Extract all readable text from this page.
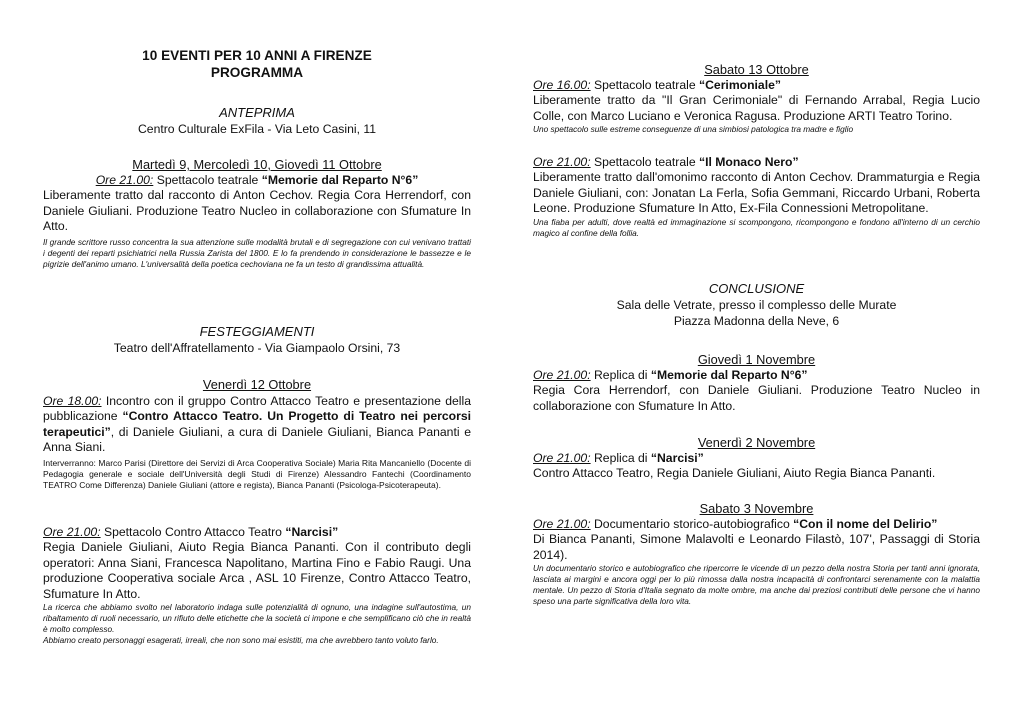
10 EVENTI PER 10 ANNI A FIRENZE

PROGRAMMA

ANTEPRIMA

Centro Culturale ExFila - Via Leto Casini, 11

Martedì 9, Mercoledì 10, Giovedì 11 Ottobre

Ore 21.00: Spettacolo teatrale “Memorie dal Reparto N°6”

Liberamente tratto dal racconto di Anton Cechov. Regia Cora Herrendorf, con Daniele Giuliani. Produzione Teatro Nucleo in collaborazione con Sfumature In Atto.

Il grande scrittore russo concentra la sua attenzione sulle modalità brutali e di segregazione con cui venivano trattati i degenti dei reparti psichiatrici nella Russia Zarista del 1800. E lo fa prendendo in considerazione le bassezze e le pigrizie dell'animo umano. L'universalità della poetica cechoviana ne fa un testo di grandissima attualità.

FESTEGGIAMENTI

Teatro dell'Affratellamento - Via Giampaolo Orsini, 73

Venerdì 12 Ottobre

Ore 18.00: Incontro con il gruppo Contro Attacco Teatro e presentazione della pubblicazione “Contro Attacco Teatro. Un Progetto di Teatro nei percorsi terapeutici”, di Daniele Giuliani, a cura di Daniele Giuliani, Bianca Pananti e Anna Siani.

Interverranno: Marco Parisi (Direttore dei Servizi di Arca Cooperativa Sociale) Maria Rita Mancaniello (Docente di Pedagogia generale e sociale dell'Università degli Studi di Firenze) Alessandro Fantechi (Coordinamento TEATRO Come Differenza) Daniele Giuliani (attore e regista), Bianca Pananti (Psicologa-Psicoterapeuta).

Ore 21.00: Spettacolo Contro Attacco Teatro “Narcisi”

Regia Daniele Giuliani, Aiuto Regia Bianca Pananti. Con il contributo degli operatori: Anna Siani, Francesca Napolitano, Martina Fino e Fabio Raugi. Una produzione Cooperativa sociale Arca , ASL 10 Firenze, Contro Attacco Teatro, Sfumature In Atto.

La ricerca che abbiamo svolto nel laboratorio indaga sulle potenzialità di ognuno, una indagine sull'autostima, un ribaltamento di ruoli necessario, un rifiuto delle etichette che la società ci impone e che semplificano ciò che in realtà è molto complesso.

Abbiamo creato personaggi esagerati, irreali, che non sono mai esistiti, ma che avrebbero tanto voluto farlo.

Sabato 13 Ottobre

Ore 16.00: Spettacolo teatrale “Cerimoniale”

Liberamente tratto da "Il Gran Cerimoniale" di Fernando Arrabal, Regia Lucio Colle, con Marco Luciano e Veronica Ragusa. Produzione ARTI Teatro Torino.

Uno spettacolo sulle estreme conseguenze di una simbiosi patologica tra madre e figlio

Ore 21.00: Spettacolo teatrale “Il Monaco Nero”

Liberamente tratto dall'omonimo racconto di Anton Cechov. Drammaturgia e Regia Daniele Giuliani, con: Jonatan La Ferla, Sofia Gemmani, Riccardo Urbani, Roberta Leone. Produzione Sfumature In Atto, Ex-Fila Connessioni Metropolitane.

Una fiaba per adulti, dove realtà ed immaginazione si scompongono, ricompongono e fondono all'interno di un cerchio magico al confine della follia.

CONCLUSIONE

Sala delle Vetrate, presso il complesso delle Murate

Piazza Madonna della Neve, 6

Giovedì 1 Novembre

Ore 21.00: Replica di “Memorie dal Reparto N°6”

Regia Cora Herrendorf, con Daniele Giuliani. Produzione Teatro Nucleo in collaborazione con Sfumature In Atto.

Venerdì 2 Novembre

Ore 21.00: Replica di “Narcisi”

Contro Attacco Teatro, Regia Daniele Giuliani, Aiuto Regia Bianca Pananti.

Sabato 3 Novembre

Ore 21.00: Documentario storico-autobiografico “Con il nome del Delirio”

Di Bianca Pananti, Simone Malavolti e Leonardo Filastò, 107', Passaggi di Storia 2014).

Un documentario storico e autobiografico che ripercorre le vicende di un pezzo della nostra Storia per tanti anni ignorata, lasciata ai margini e ancora oggi per lo più rimossa dalla nostra incapacità di confrontarci serenamente con la malattia mentale. Un pezzo di Storia d'Italia segnato da molte ombre, ma anche dai preziosi contributi delle persone che vi hanno speso una parte significativa della loro vita.
